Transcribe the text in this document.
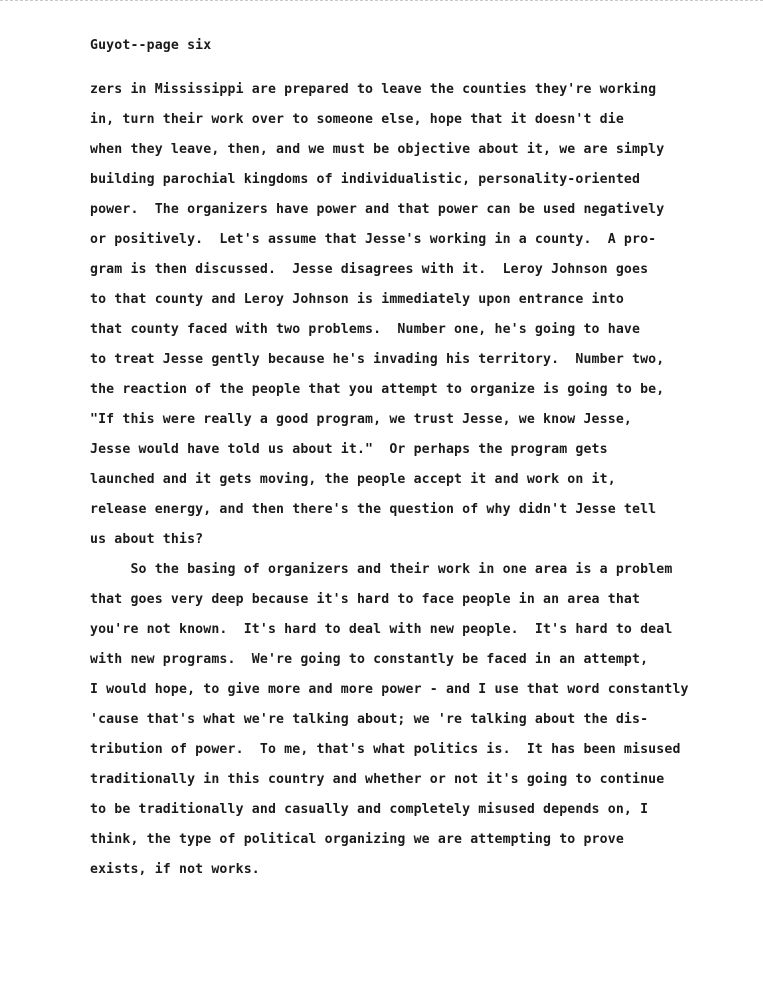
Guyot--page six
zers in Mississippi are prepared to leave the counties they're working
in, turn their work over to someone else, hope that it doesn't die
when they leave, then, and we must be objective about it, we are simply
building parochial kingdoms of individualistic, personality-oriented
power.  The organizers have power and that power can be used negatively
or positively.  Let's assume that Jesse's working in a county.  A pro-
gram is then discussed.  Jesse disagrees with it.  Leroy Johnson goes
to that county and Leroy Johnson is immediately upon entrance into
that county faced with two problems.  Number one, he's going to have
to treat Jesse gently because he's invading his territory.  Number two,
the reaction of the people that you attempt to organize is going to be,
"If this were really a good program, we trust Jesse, we know Jesse,
Jesse would have told us about it."  Or perhaps the program gets
launched and it gets moving, the people accept it and work on it,
release energy, and then there's the question of why didn't Jesse tell
us about this?
So the basing of organizers and their work in one area is a problem
that goes very deep because it's hard to face people in an area that
you're not known.  It's hard to deal with new people.  It's hard to deal
with new programs.  We're going to constantly be faced in an attempt,
I would hope, to give more and more power - and I use that word constantly
'cause that's what we're talking about; we 're talking about the dis-
tribution of power.  To me, that's what politics is.  It has been misused
traditionally in this country and whether or not it's going to continue
to be traditionally and casually and completely misused depends on, I
think, the type of political organizing we are attempting to prove
exists, if not works.
